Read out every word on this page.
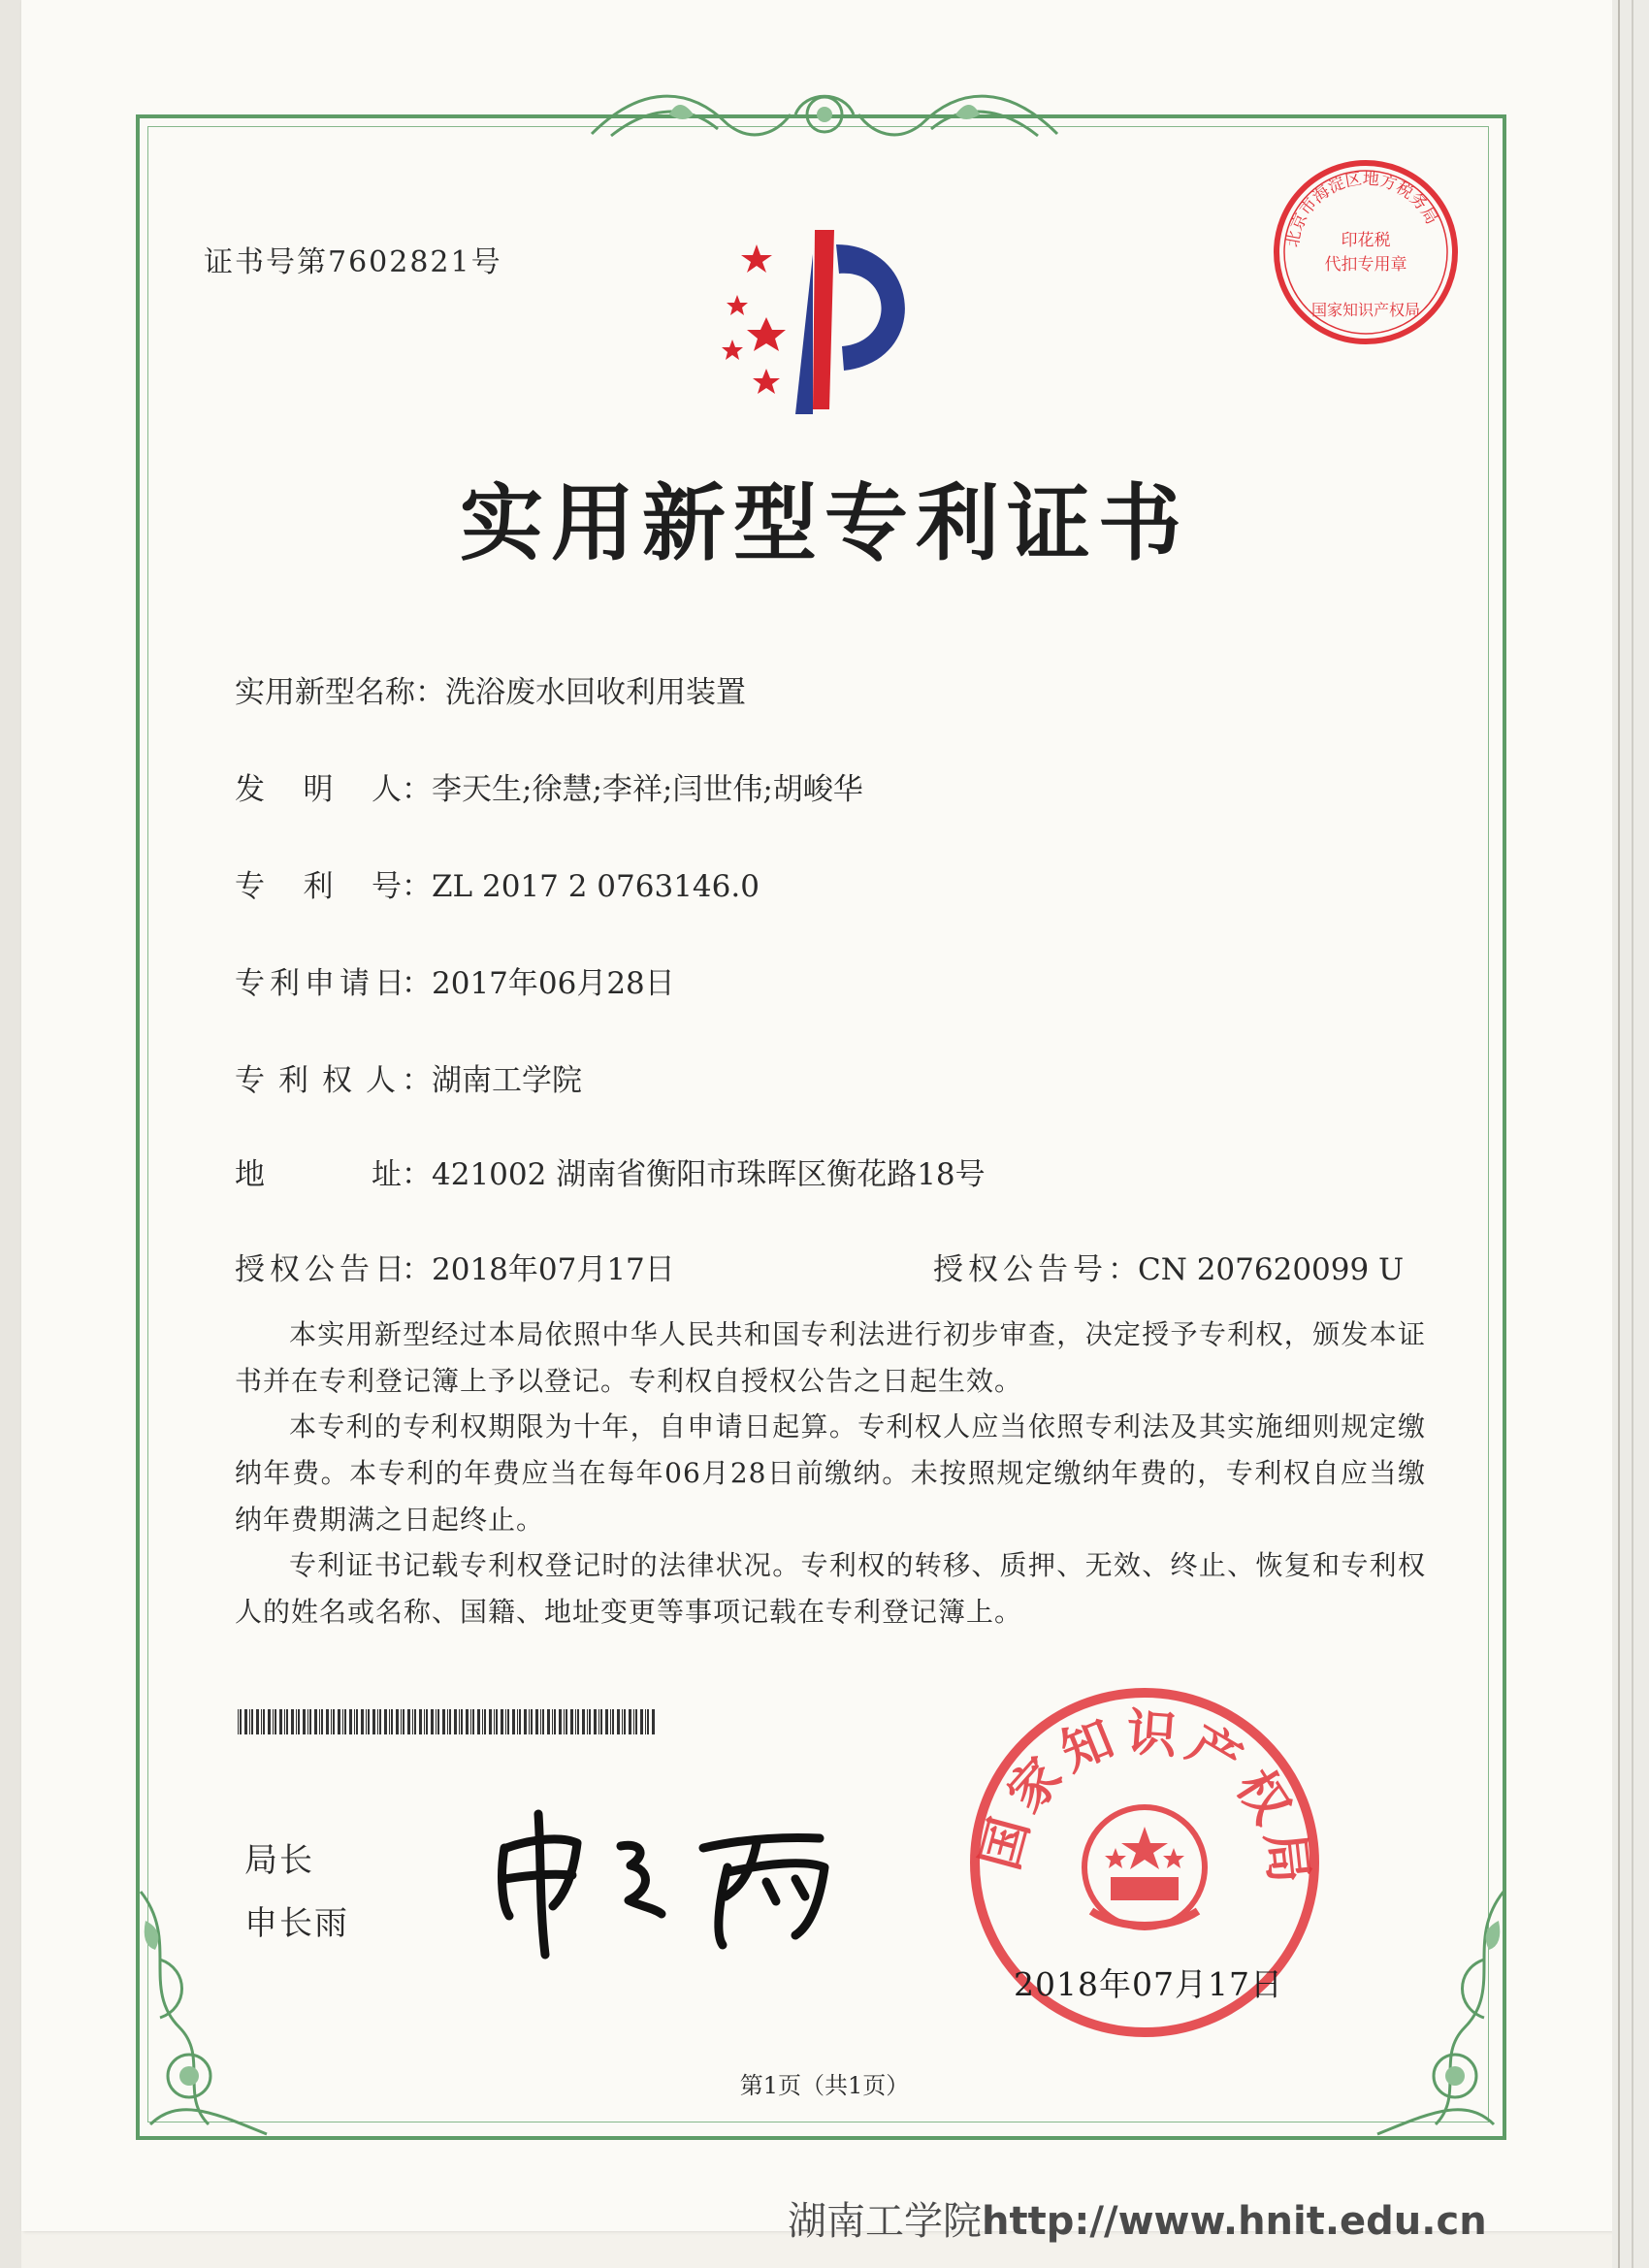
证书号第7602821号
北京市海淀区地方税务局
印花税
代扣专用章
国家知识产权局
实用新型专利证书
实用新型名称：洗浴废水回收利用装置
发 明 人 ：李天生;徐慧;李祥;闫世伟;胡峻华
专 利 号 ：ZL 2017 2 0763146.0
专利申请日：2017年06月28日
专利权人：湖南工学院
地	址 ：421002 湖南省衡阳市珠晖区衡花路18号
授权公告日：2018年07月17日	授权公告号：CN 207620099 U
本实用新型经过本局依照中华人民共和国专利法进行初步审查，决定授予专利权，颁发本证书并在专利登记簿上予以登记。专利权自授权公告之日起生效。
本专利的专利权期限为十年，自申请日起算。专利权人应当依照专利法及其实施细则规定缴纳年费。本专利的年费应当在每年06月28日前缴纳。未按照规定缴纳年费的，专利权自应当缴纳年费期满之日起终止。
专利证书记载专利权登记时的法律状况。专利权的转移、质押、无效、终止、恢复和专利权人的姓名或名称、国籍、地址变更等事项记载在专利登记簿上。
局长
申长雨
国家知识产权局
2018年07月17日
第1页（共1页）
湖南工学院http://www.hnit.edu.cn
